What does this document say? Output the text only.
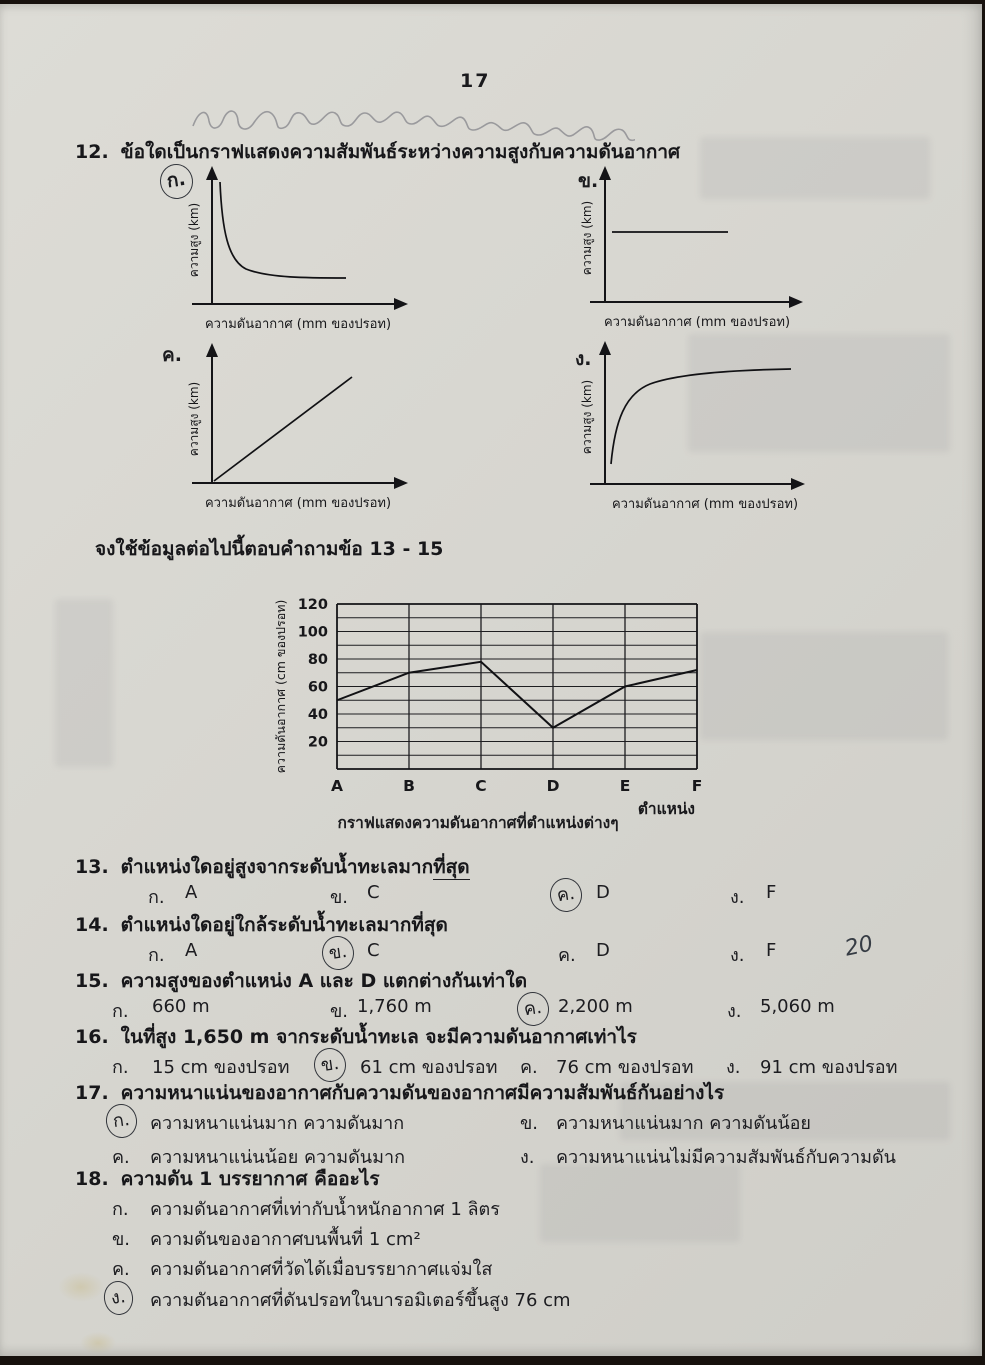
17
12. ข้อใดเป็นกราฟแสดงความสัมพันธ์ระหว่างความสูงกับความดันอากาศ
ก.	ข.
ค.	ง.
ความสูง (km)
ความดันอากาศ (mm ของปรอท)
ความสูง (km)
ความดันอากาศ (mm ของปรอท)
ความสูง (km)
ความดันอากาศ (mm ของปรอท)
ความสูง (km)
ความดันอากาศ (mm ของปรอท)
จงใช้ข้อมูลต่อไปนี้ตอบคำถามข้อ 13 - 15
20
40
60
80
100
120
A	B	C	D	E	F
ตำแหน่ง
ความดันอากาศ (cm ของปรอท)
กราฟแสดงความดันอากาศที่ตำแหน่งต่างๆ
13. ตำแหน่งใดอยู่สูงจากระดับน้ำทะเลมากที่สุด
ก. A	ข. C	ค.	D	ง. F
14. ตำแหน่งใดอยู่ใกล้ระดับน้ำทะเลมากที่สุด
ก. A	ข.	C	ค. D	ง. F	20
15. ความสูงของตำแหน่ง A และ D แตกต่างกันเท่าใด
ก. 660 m	ข. 1,760 m	ค. 2,200 m	ง. 5,060 m
16. ในที่สูง 1,650 m จากระดับน้ำทะเล จะมีความดันอากาศเท่าไร
ก. 15 cm ของปรอท	ข.	61 cm ของปรอท ค. 76 cm ของปรอท ง. 91 cm ของปรอท
17. ความหนาแน่นของอากาศกับความดันของอากาศมีความสัมพันธ์กันอย่างไร
ก.	ความหนาแน่นมาก ความดันมาก	ข. ความหนาแน่นมาก ความดันน้อย
ค. ความหนาแน่นน้อย ความดันมาก	ง. ความหนาแน่นไม่มีความสัมพันธ์กับความดัน
18. ความดัน 1 บรรยากาศ คืออะไร
ก. ความดันอากาศที่เท่ากับน้ำหนักอากาศ 1 ลิตร
ข. ความดันของอากาศบนพื้นที่ 1 cm²
ค. ความดันอากาศที่วัดได้เมื่อบรรยากาศแจ่มใส
ง.	ความดันอากาศที่ดันปรอทในบารอมิเตอร์ขึ้นสูง 76 cm
